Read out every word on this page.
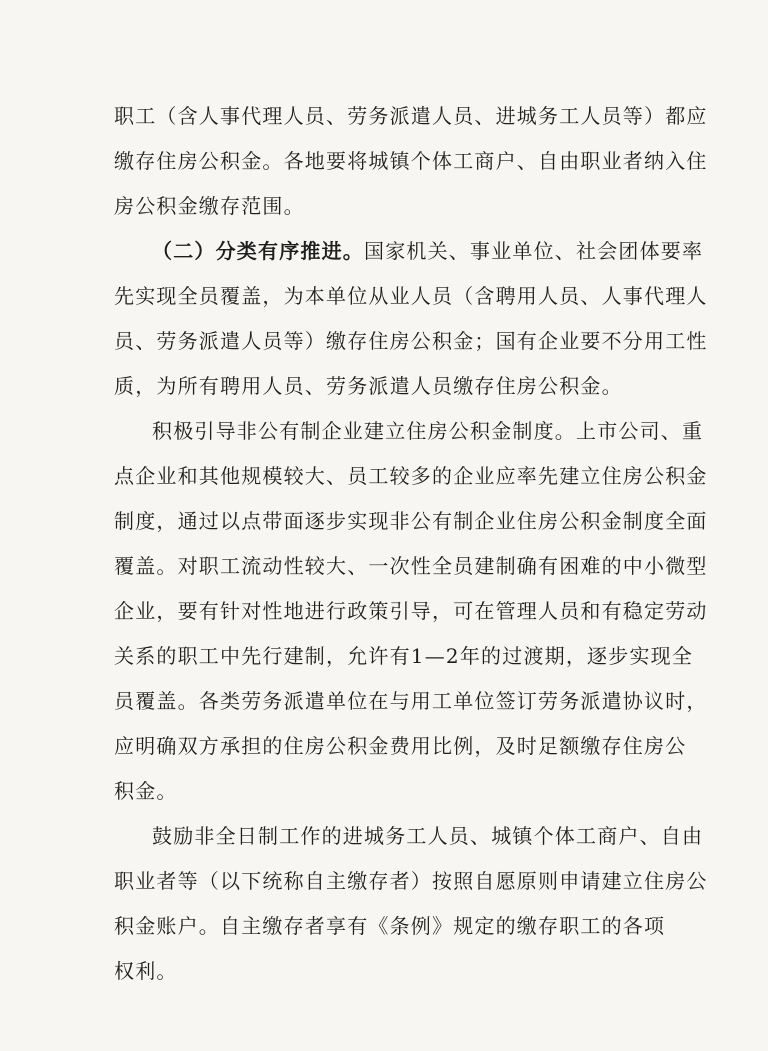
职工（含人事代理人员、劳务派遣人员、进城务工人员等）都应
缴存住房公积金。各地要将城镇个体工商户、自由职业者纳入住
房公积金缴存范围。
（二）分类有序推进。国家机关、事业单位、社会团体要率
先实现全员覆盖，为本单位从业人员（含聘用人员、人事代理人
员、劳务派遣人员等）缴存住房公积金；国有企业要不分用工性
质，为所有聘用人员、劳务派遣人员缴存住房公积金。
积极引导非公有制企业建立住房公积金制度。上市公司、重
点企业和其他规模较大、员工较多的企业应率先建立住房公积金
制度，通过以点带面逐步实现非公有制企业住房公积金制度全面
覆盖。对职工流动性较大、一次性全员建制确有困难的中小微型
企业，要有针对性地进行政策引导，可在管理人员和有稳定劳动
关系的职工中先行建制，允许有1—2年的过渡期，逐步实现全
员覆盖。各类劳务派遣单位在与用工单位签订劳务派遣协议时，
应明确双方承担的住房公积金费用比例，及时足额缴存住房公
积金。
鼓励非全日制工作的进城务工人员、城镇个体工商户、自由
职业者等（以下统称自主缴存者）按照自愿原则申请建立住房公
积金账户。自主缴存者享有《条例》规定的缴存职工的各项
权利。
